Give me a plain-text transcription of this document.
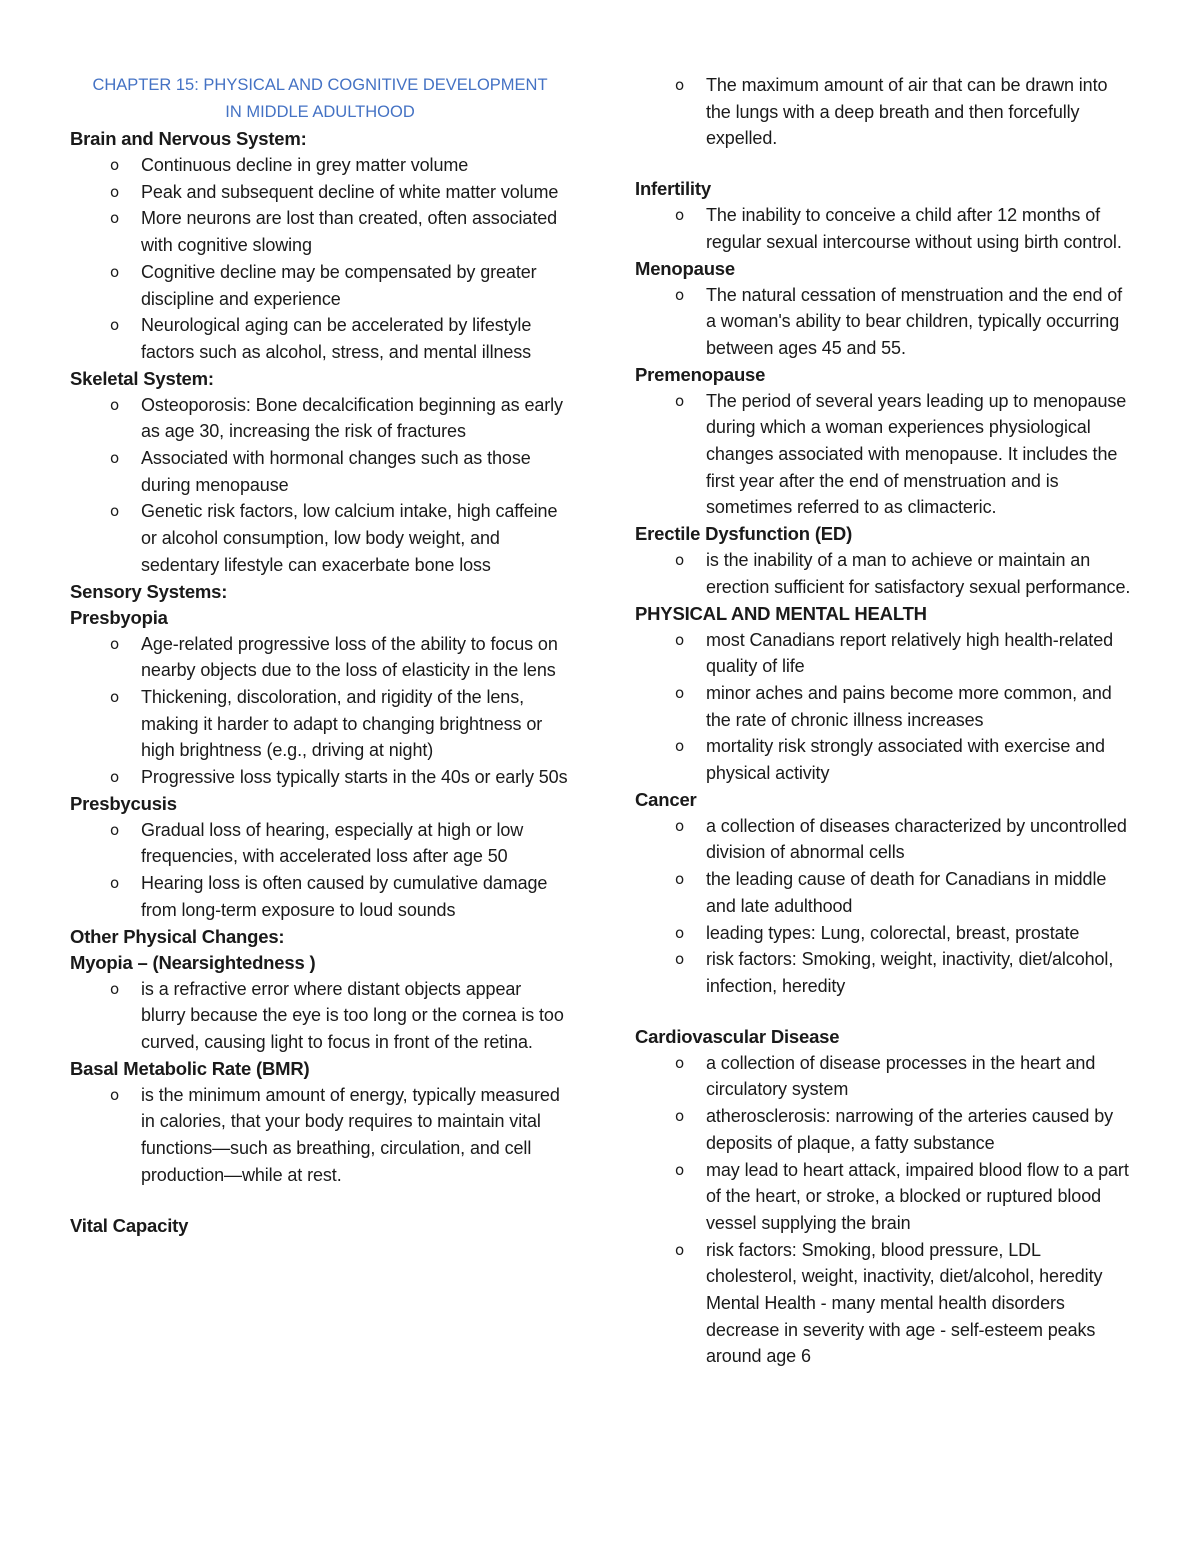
CHAPTER 15: PHYSICAL AND COGNITIVE DEVELOPMENT
IN MIDDLE ADULTHOOD

Brain and Nervous System:

o Continuous decline in grey matter volume
o Peak and subsequent decline of white matter volume
o More neurons are lost than created, often associated with cognitive slowing
o Cognitive decline may be compensated by greater discipline and experience
o Neurological aging can be accelerated by lifestyle factors such as alcohol, stress, and mental illness

Skeletal System:

o Osteoporosis: Bone decalcification beginning as early as age 30, increasing the risk of fractures
o Associated with hormonal changes such as those during menopause
o Genetic risk factors, low calcium intake, high caffeine or alcohol consumption, low body weight, and sedentary lifestyle can exacerbate bone loss

Sensory Systems:

Presbyopia

o Age-related progressive loss of the ability to focus on nearby objects due to the loss of elasticity in the lens
o Thickening, discoloration, and rigidity of the lens, making it harder to adapt to changing brightness or high brightness (e.g., driving at night)
o Progressive loss typically starts in the 40s or early 50s

Presbycusis

o Gradual loss of hearing, especially at high or low frequencies, with accelerated loss after age 50
o Hearing loss is often caused by cumulative damage from long-term exposure to loud sounds

Other Physical Changes:

Myopia – (Nearsightedness )

o is a refractive error where distant objects appear blurry because the eye is too long or the cornea is too curved, causing light to focus in front of the retina.

Basal Metabolic Rate (BMR)

o is the minimum amount of energy, typically measured in calories, that your body requires to maintain vital functions—such as breathing, circulation, and cell production—while at rest.

Vital Capacity

o The maximum amount of air that can be drawn into the lungs with a deep breath and then forcefully expelled.

Infertility

o The inability to conceive a child after 12 months of regular sexual intercourse without using birth control.

Menopause

o The natural cessation of menstruation and the end of a woman's ability to bear children, typically occurring between ages 45 and 55.

Premenopause

o The period of several years leading up to menopause during which a woman experiences physiological changes associated with menopause. It includes the first year after the end of menstruation and is sometimes referred to as climacteric.

Erectile Dysfunction (ED)

o is the inability of a man to achieve or maintain an erection sufficient for satisfactory sexual performance.

PHYSICAL AND MENTAL HEALTH

o most Canadians report relatively high health-related quality of life
o minor aches and pains become more common, and the rate of chronic illness increases
o mortality risk strongly associated with exercise and physical activity

Cancer

o a collection of diseases characterized by uncontrolled division of abnormal cells
o the leading cause of death for Canadians in middle and late adulthood
o leading types: Lung, colorectal, breast, prostate
o risk factors: Smoking, weight, inactivity, diet/alcohol, infection, heredity

Cardiovascular Disease

o a collection of disease processes in the heart and circulatory system
o atherosclerosis: narrowing of the arteries caused by deposits of plaque, a fatty substance
o may lead to heart attack, impaired blood flow to a part of the heart, or stroke, a blocked or ruptured blood vessel supplying the brain
o risk factors: Smoking, blood pressure, LDL cholesterol, weight, inactivity, diet/alcohol, heredity Mental Health - many mental health disorders decrease in severity with age - self-esteem peaks around age 6
